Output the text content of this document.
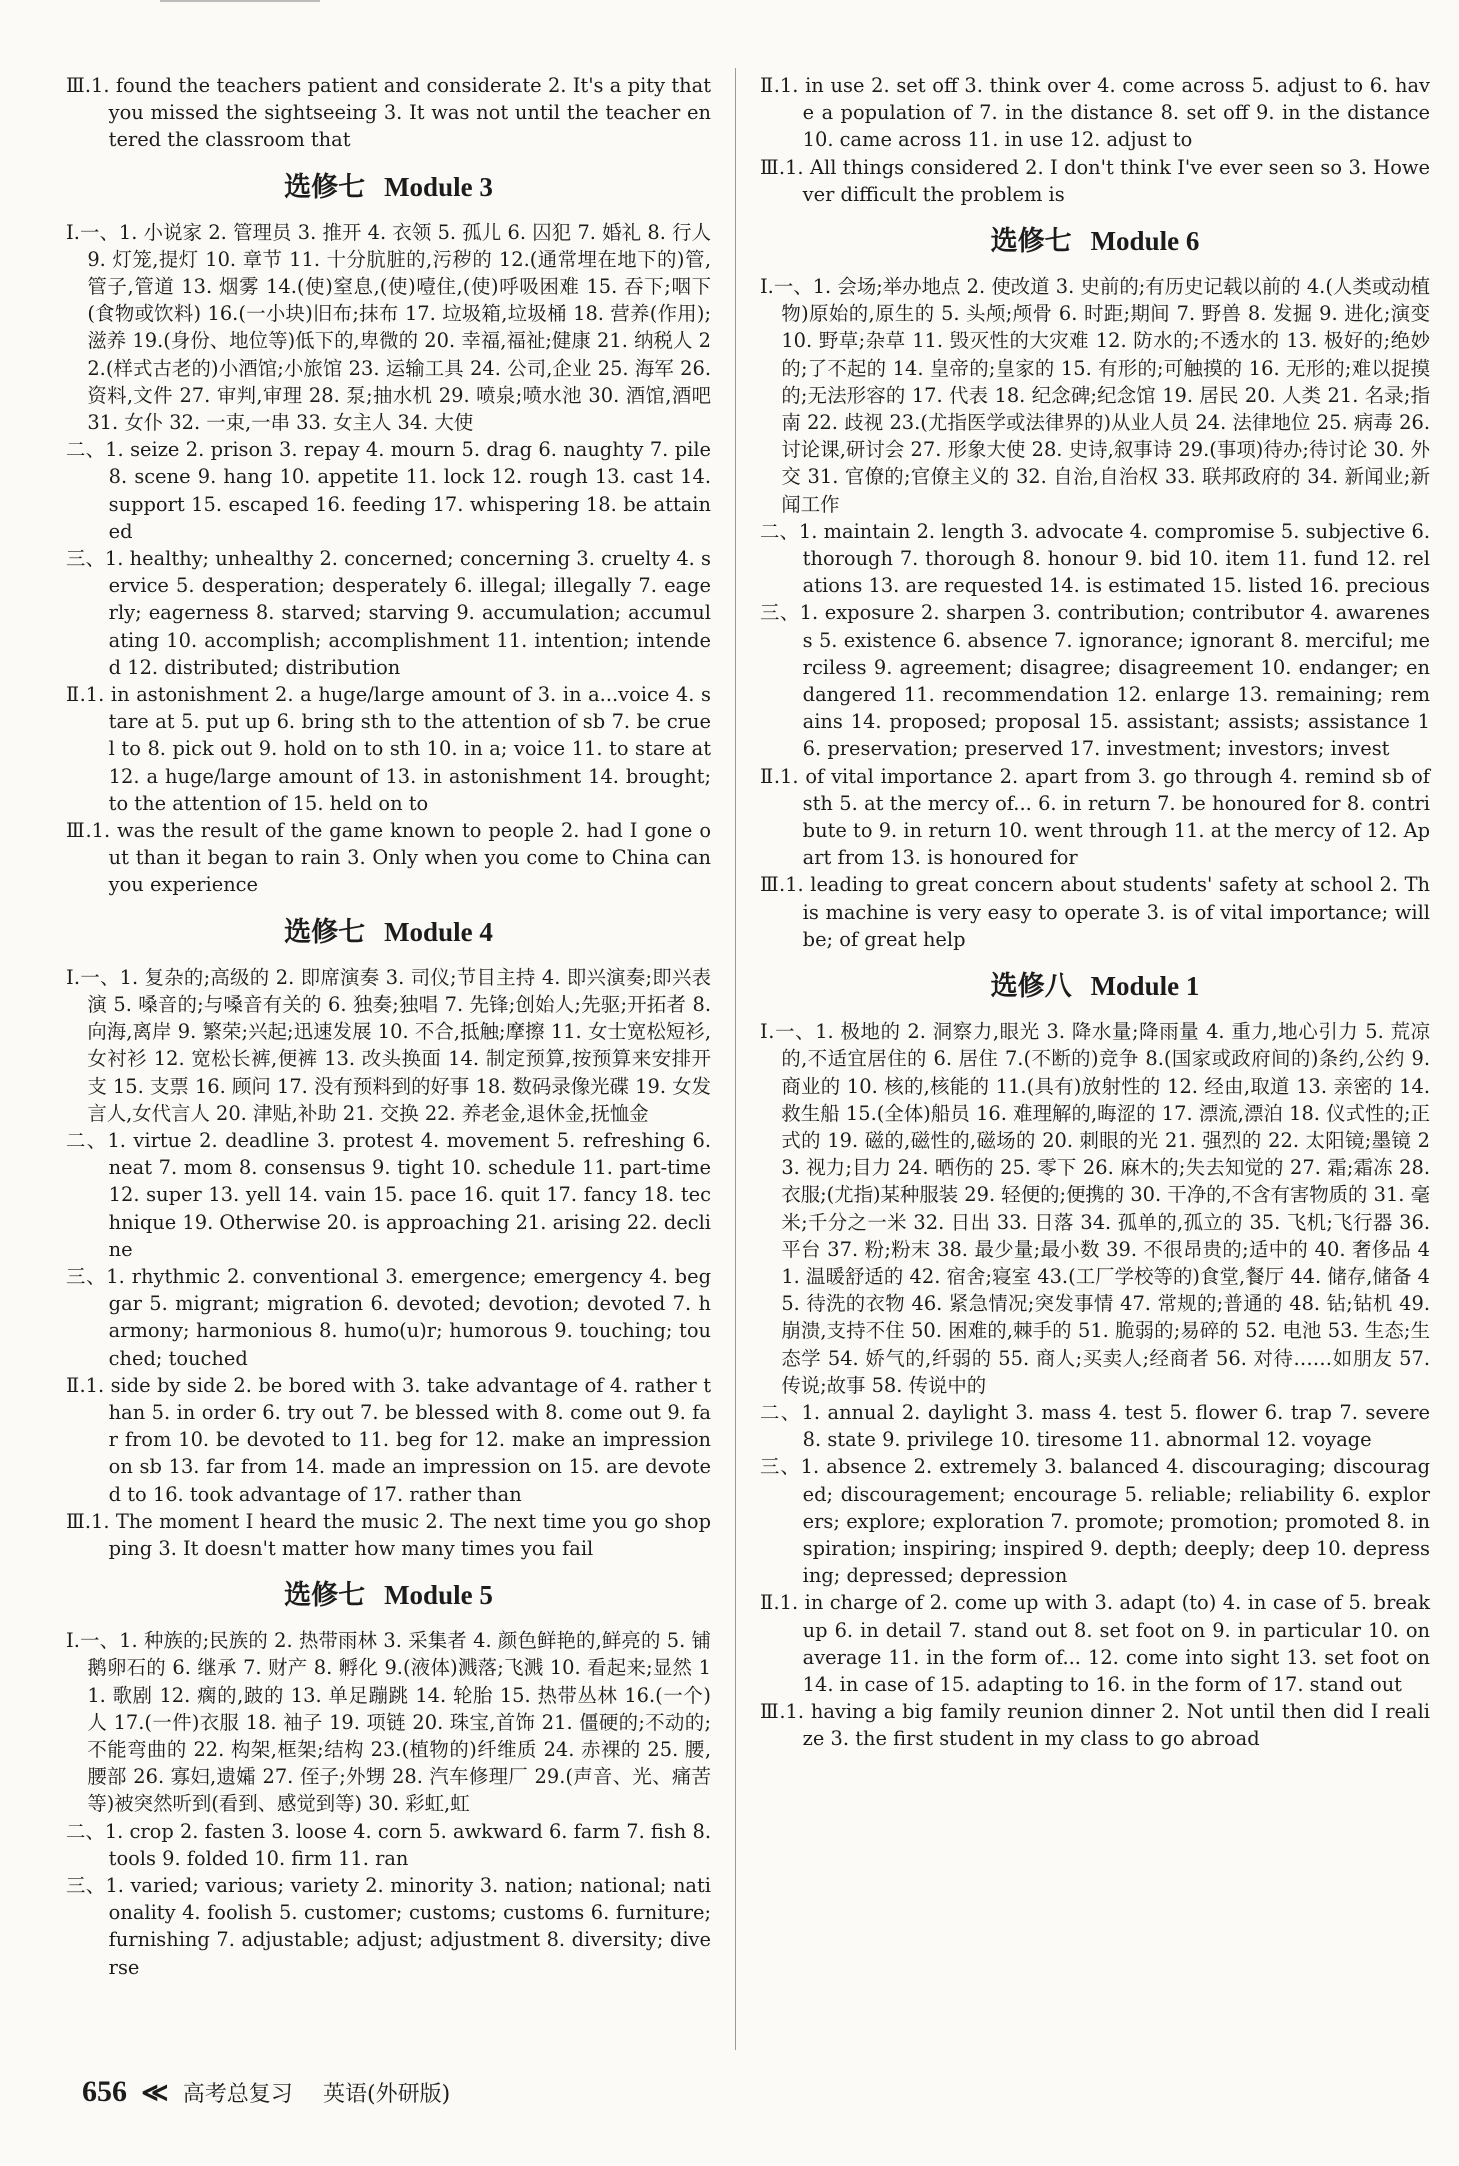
Ⅲ.1. found the teachers patient and considerate 2. It's a pity that you missed the sightseeing 3. It was not until the teacher entered the classroom that

选修七 Module 3

Ⅰ.一、1. 小说家 2. 管理员 3. 推开 4. 衣领 5. 孤儿 6. 囚犯 7. 婚礼 8. 行人 9. 灯笼,提灯 10. 章节 11. 十分肮脏的,污秽的 12.(通常埋在地下的)管,管子,管道 13. 烟雾 14.(使)窒息,(使)噎住,(使)呼吸困难 15. 吞下;咽下(食物或饮料) 16.(一小块)旧布;抹布 17. 垃圾箱,垃圾桶 18. 营养(作用);滋养 19.(身份、地位等)低下的,卑微的 20. 幸福,福祉;健康 21. 纳税人 22.(样式古老的)小酒馆;小旅馆 23. 运输工具 24. 公司,企业 25. 海军 26. 资料,文件 27. 审判,审理 28. 泵;抽水机 29. 喷泉;喷水池 30. 酒馆,酒吧 31. 女仆 32. 一束,一串 33. 女主人 34. 大使

二、1. seize 2. prison 3. repay 4. mourn 5. drag 6. naughty 7. pile 8. scene 9. hang 10. appetite 11. lock 12. rough 13. cast 14. support 15. escaped 16. feeding 17. whispering 18. be attained

三、1. healthy; unhealthy 2. concerned; concerning 3. cruelty 4. service 5. desperation; desperately 6. illegal; illegally 7. eagerly; eagerness 8. starved; starving 9. accumulation; accumulating 10. accomplish; accomplishment 11. intention; intended 12. distributed; distribution

Ⅱ.1. in astonishment 2. a huge/large amount of 3. in a...voice 4. stare at 5. put up 6. bring sth to the attention of sb 7. be cruel to 8. pick out 9. hold on to sth 10. in a; voice 11. to stare at 12. a huge/large amount of 13. in astonishment 14. brought; to the attention of 15. held on to

Ⅲ.1. was the result of the game known to people 2. had I gone out than it began to rain 3. Only when you come to China can you experience

选修七 Module 4

Ⅰ.一、1. 复杂的;高级的 2. 即席演奏 3. 司仪;节目主持 4. 即兴演奏;即兴表演 5. 嗓音的;与嗓音有关的 6. 独奏;独唱 7. 先锋;创始人;先驱;开拓者 8. 向海,离岸 9. 繁荣;兴起;迅速发展 10. 不合,抵触;摩擦 11. 女士宽松短衫,女衬衫 12. 宽松长裤,便裤 13. 改头换面 14. 制定预算,按预算来安排开支 15. 支票 16. 顾问 17. 没有预料到的好事 18. 数码录像光碟 19. 女发言人,女代言人 20. 津贴,补助 21. 交换 22. 养老金,退休金,抚恤金

二、1. virtue 2. deadline 3. protest 4. movement 5. refreshing 6. neat 7. mom 8. consensus 9. tight 10. schedule 11. part-time 12. super 13. yell 14. vain 15. pace 16. quit 17. fancy 18. technique 19. Otherwise 20. is approaching 21. arising 22. decline

三、1. rhythmic 2. conventional 3. emergence; emergency 4. beggar 5. migrant; migration 6. devoted; devotion; devoted 7. harmony; harmonious 8. humo(u)r; humorous 9. touching; touched; touched

Ⅱ.1. side by side 2. be bored with 3. take advantage of 4. rather than 5. in order 6. try out 7. be blessed with 8. come out 9. far from 10. be devoted to 11. beg for 12. make an impression on sb 13. far from 14. made an impression on 15. are devoted to 16. took advantage of 17. rather than

Ⅲ.1. The moment I heard the music 2. The next time you go shopping 3. It doesn't matter how many times you fail

选修七 Module 5

Ⅰ.一、1. 种族的;民族的 2. 热带雨林 3. 采集者 4. 颜色鲜艳的,鲜亮的 5. 铺鹅卵石的 6. 继承 7. 财产 8. 孵化 9.(液体)溅落;飞溅 10. 看起来;显然 11. 歌剧 12. 瘸的,跛的 13. 单足蹦跳 14. 轮胎 15. 热带丛林 16.(一个)人 17.(一件)衣服 18. 袖子 19. 项链 20. 珠宝,首饰 21. 僵硬的;不动的;不能弯曲的 22. 构架,框架;结构 23.(植物的)纤维质 24. 赤裸的 25. 腰,腰部 26. 寡妇,遗孀 27. 侄子;外甥 28. 汽车修理厂 29.(声音、光、痛苦等)被突然听到(看到、感觉到等) 30. 彩虹,虹

二、1. crop 2. fasten 3. loose 4. corn 5. awkward 6. farm 7. fish 8. tools 9. folded 10. firm 11. ran

三、1. varied; various; variety 2. minority 3. nation; national; nationality 4. foolish 5. customer; customs; customs 6. furniture; furnishing 7. adjustable; adjust; adjustment 8. diversity; diverse

Ⅱ.1. in use 2. set off 3. think over 4. come across 5. adjust to 6. have a population of 7. in the distance 8. set off 9. in the distance 10. came across 11. in use 12. adjust to

Ⅲ.1. All things considered 2. I don't think I've ever seen so 3. However difficult the problem is

选修七 Module 6

Ⅰ.一、1. 会场;举办地点 2. 使改道 3. 史前的;有历史记载以前的 4.(人类或动植物)原始的,原生的 5. 头颅;颅骨 6. 时距;期间 7. 野兽 8. 发掘 9. 进化;演变 10. 野草;杂草 11. 毁灭性的大灾难 12. 防水的;不透水的 13. 极好的;绝妙的;了不起的 14. 皇帝的;皇家的 15. 有形的;可触摸的 16. 无形的;难以捉摸的;无法形容的 17. 代表 18. 纪念碑;纪念馆 19. 居民 20. 人类 21. 名录;指南 22. 歧视 23.(尤指医学或法律界的)从业人员 24. 法律地位 25. 病毒 26. 讨论课,研讨会 27. 形象大使 28. 史诗,叙事诗 29.(事项)待办;待讨论 30. 外交 31. 官僚的;官僚主义的 32. 自治,自治权 33. 联邦政府的 34. 新闻业;新闻工作

二、1. maintain 2. length 3. advocate 4. compromise 5. subjective 6. thorough 7. thorough 8. honour 9. bid 10. item 11. fund 12. relations 13. are requested 14. is estimated 15. listed 16. precious

三、1. exposure 2. sharpen 3. contribution; contributor 4. awareness 5. existence 6. absence 7. ignorance; ignorant 8. merciful; merciless 9. agreement; disagree; disagreement 10. endanger; endangered 11. recommendation 12. enlarge 13. remaining; remains 14. proposed; proposal 15. assistant; assists; assistance 16. preservation; preserved 17. investment; investors; invest

Ⅱ.1. of vital importance 2. apart from 3. go through 4. remind sb of sth 5. at the mercy of... 6. in return 7. be honoured for 8. contribute to 9. in return 10. went through 11. at the mercy of 12. Apart from 13. is honoured for

Ⅲ.1. leading to great concern about students' safety at school 2. This machine is very easy to operate 3. is of vital importance; will be; of great help

选修八 Module 1

Ⅰ.一、1. 极地的 2. 洞察力,眼光 3. 降水量;降雨量 4. 重力,地心引力 5. 荒凉的,不适宜居住的 6. 居住 7.(不断的)竞争 8.(国家或政府间的)条约,公约 9. 商业的 10. 核的,核能的 11.(具有)放射性的 12. 经由,取道 13. 亲密的 14. 救生船 15.(全体)船员 16. 难理解的,晦涩的 17. 漂流,漂泊 18. 仪式性的;正式的 19. 磁的,磁性的,磁场的 20. 刺眼的光 21. 强烈的 22. 太阳镜;墨镜 23. 视力;目力 24. 晒伤的 25. 零下 26. 麻木的;失去知觉的 27. 霜;霜冻 28. 衣服;(尤指)某种服装 29. 轻便的;便携的 30. 干净的,不含有害物质的 31. 毫米;千分之一米 32. 日出 33. 日落 34. 孤单的,孤立的 35. 飞机;飞行器 36. 平台 37. 粉;粉末 38. 最少量;最小数 39. 不很昂贵的;适中的 40. 奢侈品 41. 温暖舒适的 42. 宿舍;寝室 43.(工厂学校等的)食堂,餐厅 44. 储存,储备 45. 待洗的衣物 46. 紧急情况;突发事情 47. 常规的;普通的 48. 钻;钻机 49. 崩溃,支持不住 50. 困难的,棘手的 51. 脆弱的;易碎的 52. 电池 53. 生态;生态学 54. 娇气的,纤弱的 55. 商人;买卖人;经商者 56. 对待……如朋友 57. 传说;故事 58. 传说中的

二、1. annual 2. daylight 3. mass 4. test 5. flower 6. trap 7. severe 8. state 9. privilege 10. tiresome 11. abnormal 12. voyage

三、1. absence 2. extremely 3. balanced 4. discouraging; discouraged; discouragement; encourage 5. reliable; reliability 6. explorers; explore; exploration 7. promote; promotion; promoted 8. inspiration; inspiring; inspired 9. depth; deeply; deep 10. depressing; depressed; depression

Ⅱ.1. in charge of 2. come up with 3. adapt (to) 4. in case of 5. break up 6. in detail 7. stand out 8. set foot on 9. in particular 10. on average 11. in the form of... 12. come into sight 13. set foot on 14. in case of 15. adapting to 16. in the form of 17. stand out

Ⅲ.1. having a big family reunion dinner 2. Not until then did I realize 3. the first student in my class to go abroad

656 ≪ 高考总复习 英语(外研版)
